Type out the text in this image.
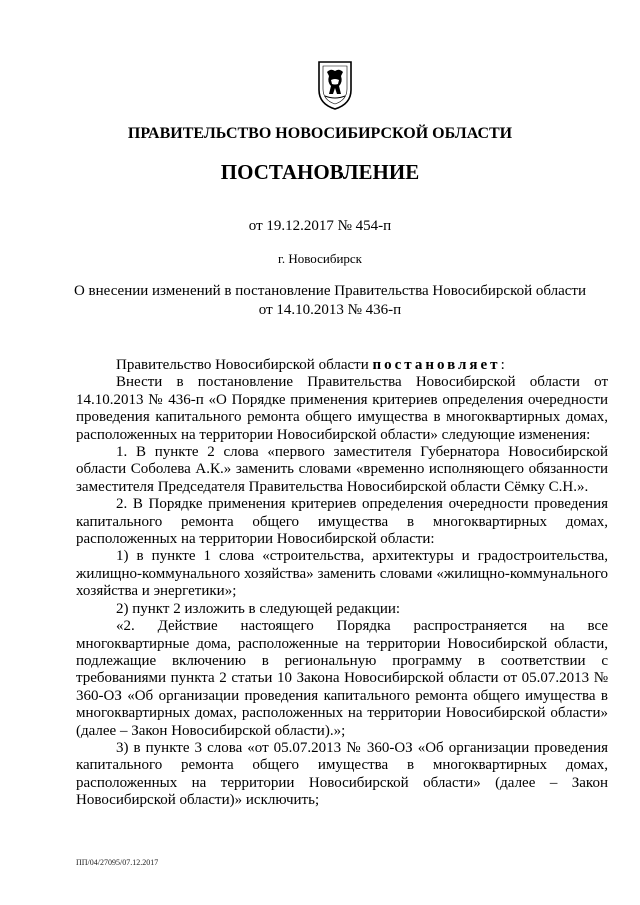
ПРАВИТЕЛЬСТВО НОВОСИБИРСКОЙ ОБЛАСТИ
ПОСТАНОВЛЕНИЕ
от 19.12.2017 № 454-п
г. Новосибирск
О внесении изменений в постановление Правительства Новосибирской области
от 14.10.2013 № 436-п

Правительство Новосибирской области постановляет:

Внести в постановление Правительства Новосибирской области от 14.10.2013 № 436-п «О Порядке применения критериев определения очередности проведения капитального ремонта общего имущества в многоквартирных домах, расположенных на территории Новосибирской области» следующие изменения:

1. В пункте 2 слова «первого заместителя Губернатора Новосибирской области Соболева А.К.» заменить словами «временно исполняющего обязанности заместителя Председателя Правительства Новосибирской области Сёмку С.Н.».

2. В Порядке применения критериев определения очередности проведения капитального ремонта общего имущества в многоквартирных домах, расположенных на территории Новосибирской области:

1) в пункте 1 слова «строительства, архитектуры и градостроительства, жилищно-коммунального хозяйства» заменить словами «жилищно-коммунального хозяйства и энергетики»;

2) пункт 2 изложить в следующей редакции:

«2. Действие настоящего Порядка распространяется на все многоквартирные дома, расположенные на территории Новосибирской области, подлежащие включению в региональную программу в соответствии с требованиями пункта 2 статьи 10 Закона Новосибирской области от 05.07.2013 № 360-ОЗ «Об организации проведения капитального ремонта общего имущества в многоквартирных домах, расположенных на территории Новосибирской области» (далее – Закон Новосибирской области).»;

3) в пункте 3 слова «от 05.07.2013 № 360-ОЗ «Об организации проведения капитального ремонта общего имущества в многоквартирных домах, расположенных на территории Новосибирской области» (далее – Закон Новосибирской области)» исключить;

ПП/04/27095/07.12.2017
